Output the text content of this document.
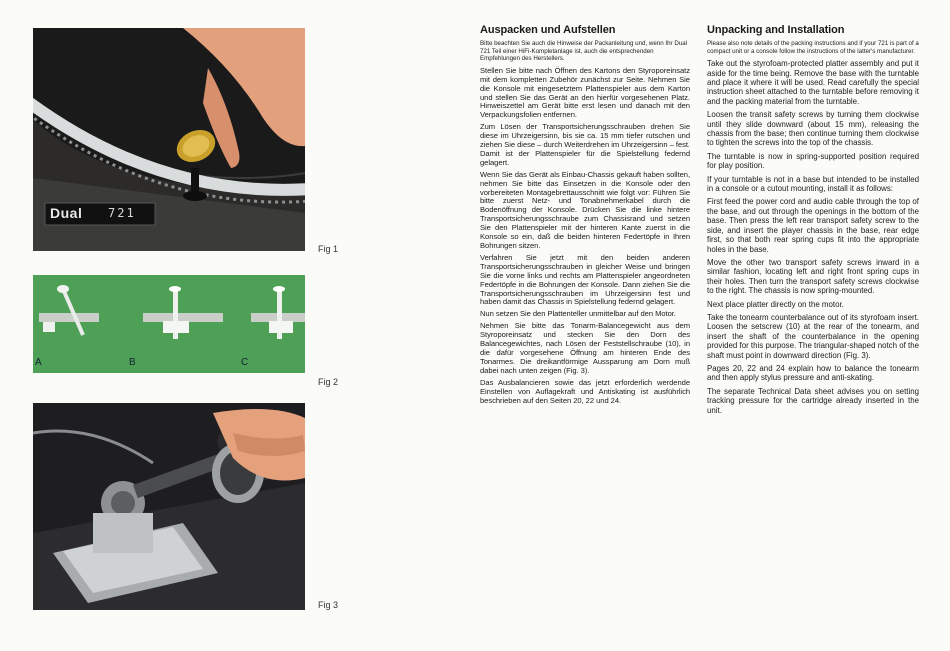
Dual 721
Fig 1
A	B	C
Fig 2
Fig 3
Auspacken und Aufstellen

Bitte beachten Sie auch die Hinweise der Packanleitung und, wenn Ihr Dual 721 Teil einer HiFi-Kompletanlage ist, auch die entsprechenden Empfehlungen des Herstellers.

Stellen Sie bitte nach Öffnen des Kartons den Styroporeinsatz mit dem kompletten Zubehör zunächst zur Seite. Nehmen Sie die Konsole mit eingesetztem Plattenspieler aus dem Karton und stellen Sie das Gerät an den hierfür vorgesehenen Platz. Hinweiszettel am Gerät bitte erst lesen und danach mit den Verpackungsfolien entfernen.

Zum Lösen der Transportsicherungsschrauben drehen Sie diese im Uhrzeigersinn, bis sie ca. 15 mm tiefer rutschen und ziehen Sie diese – durch Weiterdrehen im Uhrzeigersinn – fest. Damit ist der Plattenspieler für die Spielstellung federnd gelagert.

Wenn Sie das Gerät als Einbau-Chassis gekauft haben sollten, nehmen Sie bitte das Einsetzen in die Konsole oder den vorbereiteten Montagebrettausschnitt wie folgt vor: Führen Sie bitte zuerst Netz- und Tonabnehmerkabel durch die Bodenöffnung der Konsole. Drücken Sie die linke hintere Transportsicherungsschraube zum Chassisrand und setzen Sie den Plattenspieler mit der hinteren Kante zuerst in die Konsole so ein, daß die beiden hinteren Federtöpfe in Ihren Bohrungen sitzen.

Verfahren Sie jetzt mit den beiden anderen Transportsicherungsschrauben in gleicher Weise und bringen Sie die vorne links und rechts am Plattenspieler angeordneten Federtöpfe in die Bohrungen der Konsole. Dann ziehen Sie die Transportsicherungsschrauben im Uhrzeigersinn fest und haben damit das Chassis in Spielstellung federnd gelagert.

Nun setzen Sie den Plattenteller unmittelbar auf den Motor.

Nehmen Sie bitte das Tonarm-Balancegewicht aus dem Styroporeinsatz und stecken Sie den Dorn des Balancegewichtes, nach Lösen der Feststellschraube (10), in die dafür vorgesehene Öffnung am hinteren Ende des Tonarmes. Die dreikantförmige Aussparung am Dorn muß dabei nach unten zeigen (Fig. 3).

Das Ausbalancieren sowie das jetzt erforderlich werdende Einstellen von Auflagekraft und Antiskating ist ausführlich beschrieben auf den Seiten 20, 22 und 24.

Unpacking and Installation

Please also note details of the packing instructions and if your 721 is part of a compact unit or a console follow the instructions of the latter's manufacturer.

Take out the styrofoam-protected platter assembly and put it aside for the time being. Remove the base with the turntable and place it where it will be used. Read carefully the special instruction sheet attached to the turntable before removing it and the packing material from the turntable.

Loosen the transit safety screws by turning them clockwise until they slide downward (about 15 mm), releasing the chassis from the base; then continue turning them clockwise to tighten the screws into the top of the chassis.

The turntable is now in spring-supported position required for play position.

If your turntable is not in a base but intended to be installed in a console or a cutout mounting, install it as follows:

First feed the power cord and audio cable through the top of the base, and out through the openings in the bottom of the base. Then press the left rear transport safety screw to the side, and insert the player chassis in the base, rear edge first, so that both rear spring cups fit into the appropriate holes in the base.

Move the other two transport safety screws inward in a similar fashion, locating left and right front spring cups in their holes. Then turn the transport safety screws clockwise to the right. The chassis is now spring-mounted.

Next place platter directly on the motor.

Take the tonearm counterbalance out of its styrofoam insert. Loosen the setscrew (10) at the rear of the tonearm, and insert the shaft of the counterbalance in the opening provided for this purpose. The triangular-shaped notch of the shaft must point in downward direction (Fig. 3).

Pages 20, 22 and 24 explain how to balance the tonearm and then apply stylus pressure and anti-skating.

The separate Technical Data sheet advises you on setting tracking pressure for the cartridge already inserted in the unit.
